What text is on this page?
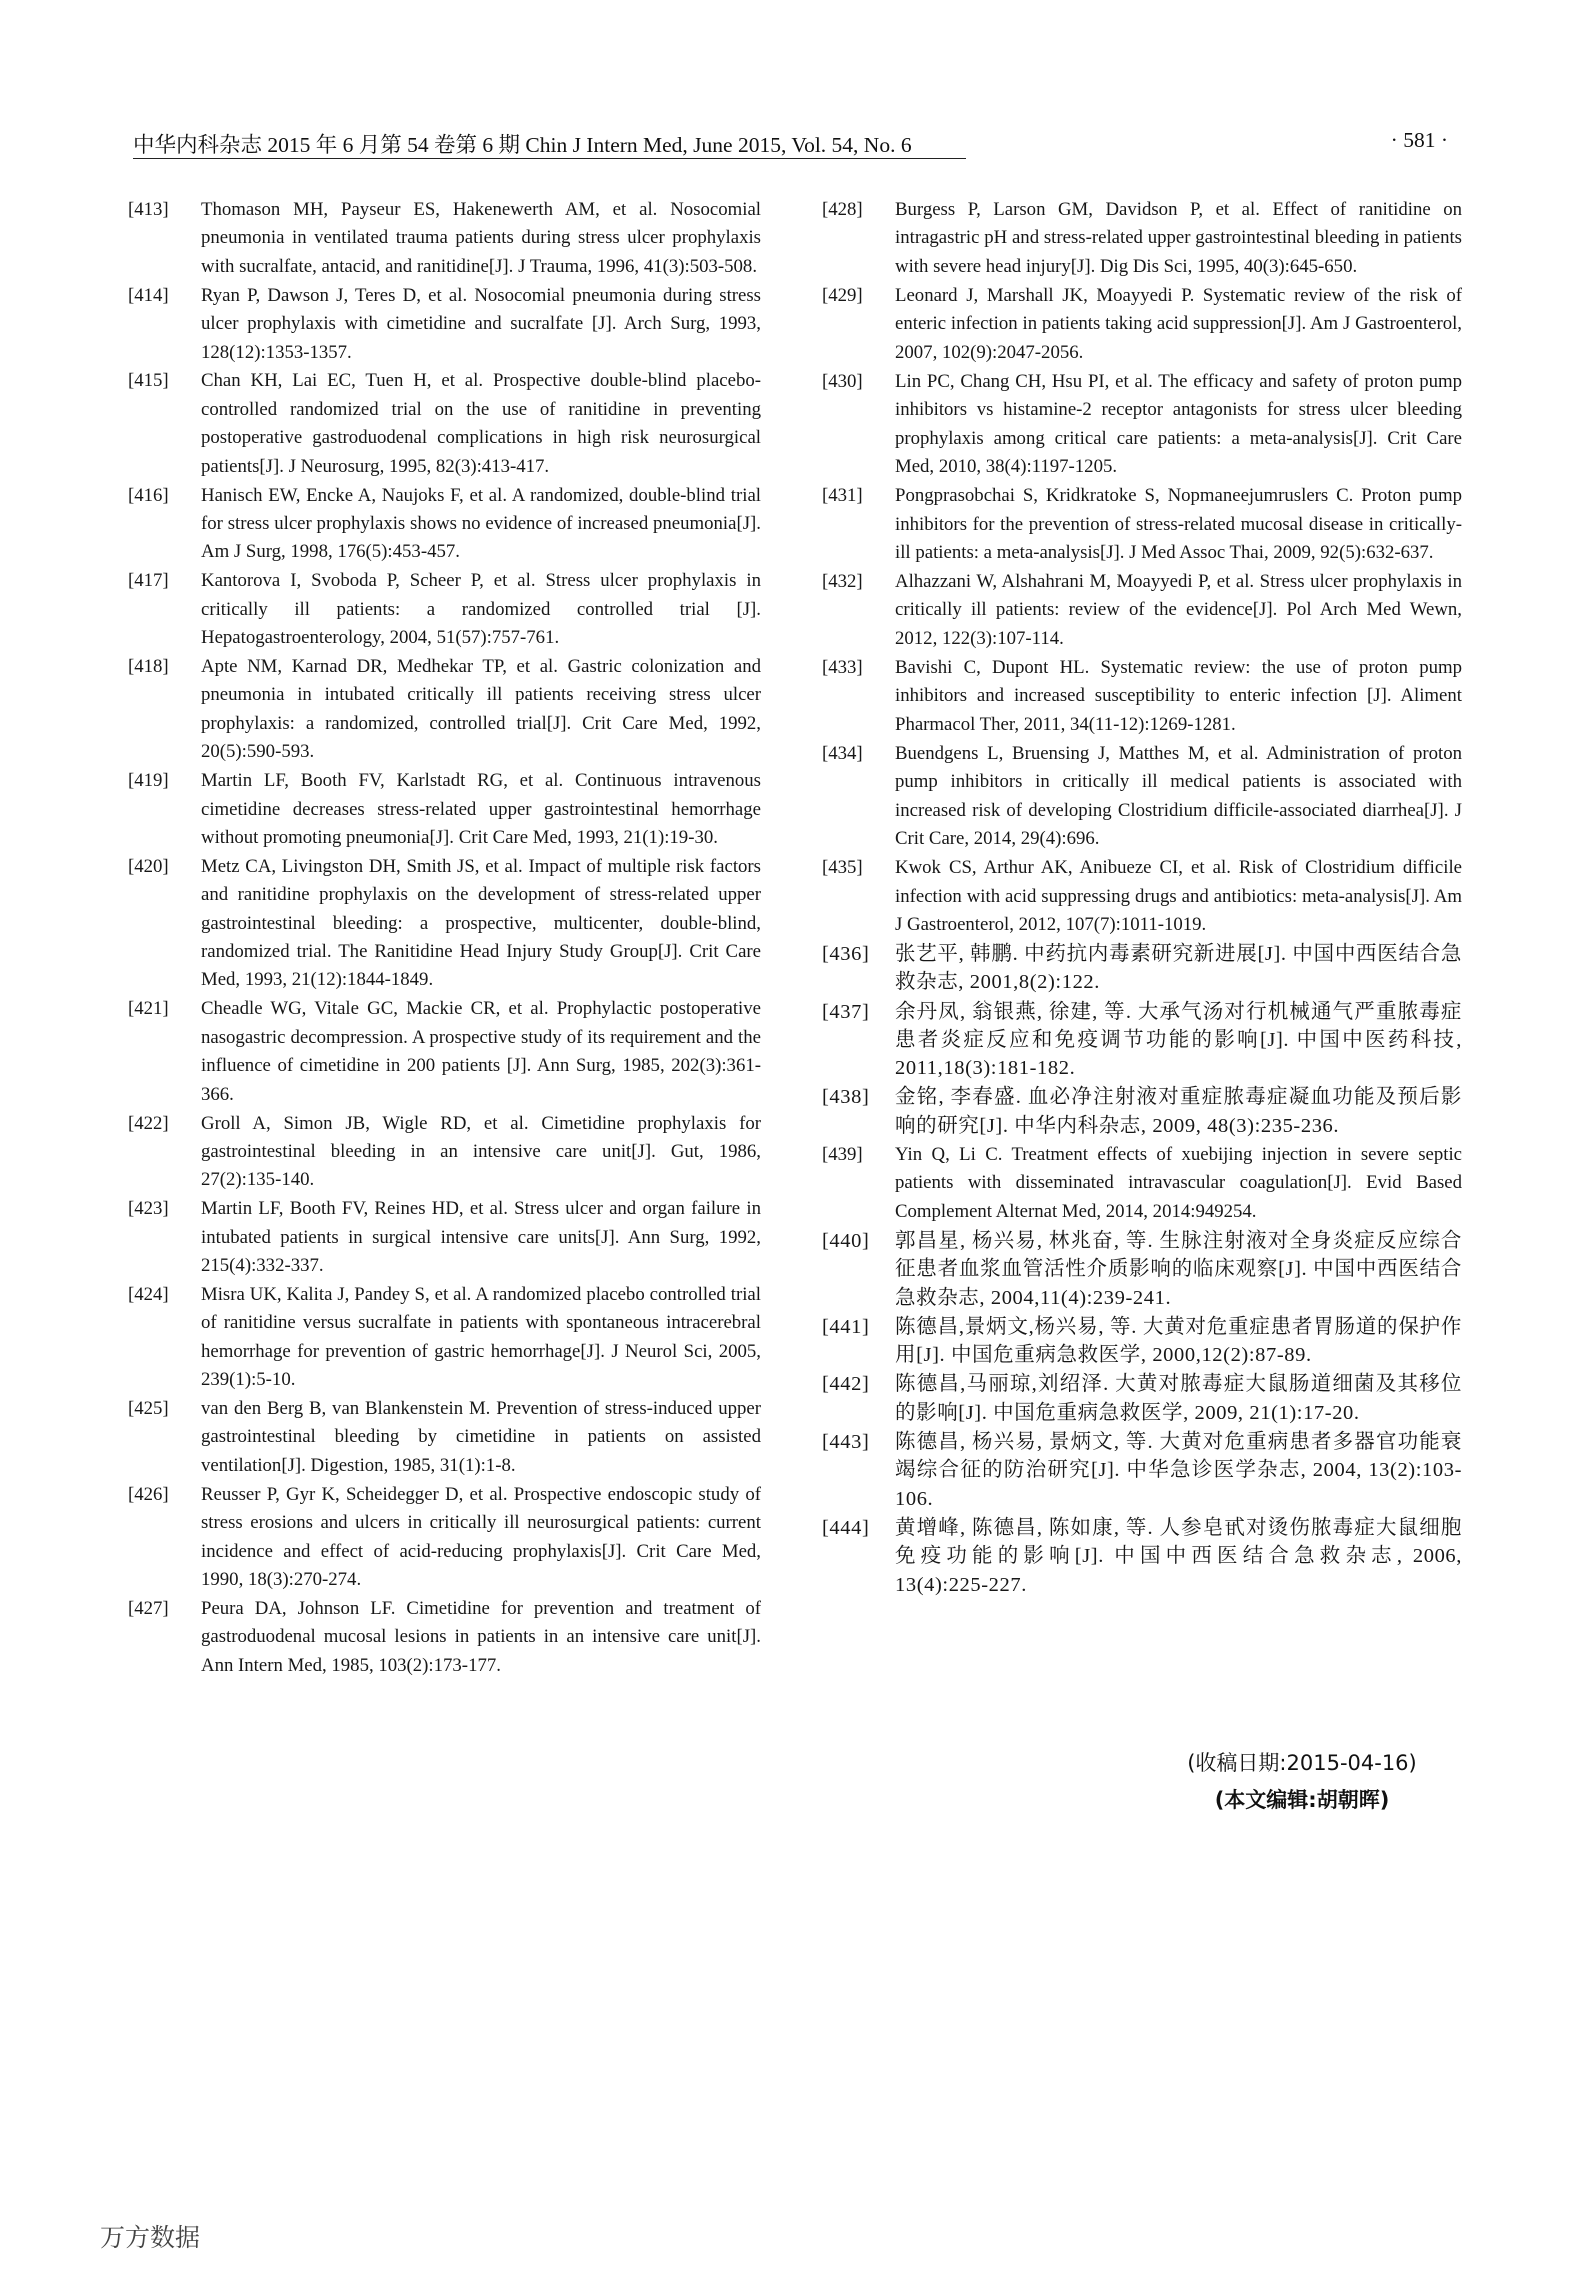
中华内科杂志 2015 年 6 月第 54 卷第 6 期 Chin J Intern Med, June 2015, Vol. 54, No. 6	· 581 ·
[413] Thomason MH, Payseur ES, Hakenewerth AM, et al. Nosocomial pneumonia in ventilated trauma patients during stress ulcer prophylaxis with sucralfate, antacid, and ranitidine[J]. J Trauma, 1996, 41(3):503-508.
[414] Ryan P, Dawson J, Teres D, et al. Nosocomial pneumonia during stress ulcer prophylaxis with cimetidine and sucralfate [J]. Arch Surg, 1993, 128(12):1353-1357.
[415] Chan KH, Lai EC, Tuen H, et al. Prospective double-blind placebo-controlled randomized trial on the use of ranitidine in preventing postoperative gastroduodenal complications in high risk neurosurgical patients[J]. J Neurosurg, 1995, 82(3):413-417.
[416] Hanisch EW, Encke A, Naujoks F, et al. A randomized, double-blind trial for stress ulcer prophylaxis shows no evidence of increased pneumonia[J]. Am J Surg, 1998, 176(5):453-457.
[417] Kantorova I, Svoboda P, Scheer P, et al. Stress ulcer prophylaxis in critically ill patients: a randomized controlled trial [J]. Hepatogastroenterology, 2004, 51(57):757-761.
[418] Apte NM, Karnad DR, Medhekar TP, et al. Gastric colonization and pneumonia in intubated critically ill patients receiving stress ulcer prophylaxis: a randomized, controlled trial[J]. Crit Care Med, 1992, 20(5):590-593.
[419] Martin LF, Booth FV, Karlstadt RG, et al. Continuous intravenous cimetidine decreases stress-related upper gastrointestinal hemorrhage without promoting pneumonia[J]. Crit Care Med, 1993, 21(1):19-30.
[420] Metz CA, Livingston DH, Smith JS, et al. Impact of multiple risk factors and ranitidine prophylaxis on the development of stress-related upper gastrointestinal bleeding: a prospective, multicenter, double-blind, randomized trial. The Ranitidine Head Injury Study Group[J]. Crit Care Med, 1993, 21(12):1844-1849.
[421] Cheadle WG, Vitale GC, Mackie CR, et al. Prophylactic postoperative nasogastric decompression. A prospective study of its requirement and the influence of cimetidine in 200 patients [J]. Ann Surg, 1985, 202(3):361-366.
[422] Groll A, Simon JB, Wigle RD, et al. Cimetidine prophylaxis for gastrointestinal bleeding in an intensive care unit[J]. Gut, 1986, 27(2):135-140.
[423] Martin LF, Booth FV, Reines HD, et al. Stress ulcer and organ failure in intubated patients in surgical intensive care units[J]. Ann Surg, 1992, 215(4):332-337.
[424] Misra UK, Kalita J, Pandey S, et al. A randomized placebo controlled trial of ranitidine versus sucralfate in patients with spontaneous intracerebral hemorrhage for prevention of gastric hemorrhage[J]. J Neurol Sci, 2005, 239(1):5-10.
[425] van den Berg B, van Blankenstein M. Prevention of stress-induced upper gastrointestinal bleeding by cimetidine in patients on assisted ventilation[J]. Digestion, 1985, 31(1):1-8.
[426] Reusser P, Gyr K, Scheidegger D, et al. Prospective endoscopic study of stress erosions and ulcers in critically ill neurosurgical patients: current incidence and effect of acid-reducing prophylaxis[J]. Crit Care Med, 1990, 18(3):270-274.
[427] Peura DA, Johnson LF. Cimetidine for prevention and treatment of gastroduodenal mucosal lesions in patients in an intensive care unit[J]. Ann Intern Med, 1985, 103(2):173-177.
[428] Burgess P, Larson GM, Davidson P, et al. Effect of ranitidine on intragastric pH and stress-related upper gastrointestinal bleeding in patients with severe head injury[J]. Dig Dis Sci, 1995, 40(3):645-650.
[429] Leonard J, Marshall JK, Moayyedi P. Systematic review of the risk of enteric infection in patients taking acid suppression[J]. Am J Gastroenterol, 2007, 102(9):2047-2056.
[430] Lin PC, Chang CH, Hsu PI, et al. The efficacy and safety of proton pump inhibitors vs histamine-2 receptor antagonists for stress ulcer bleeding prophylaxis among critical care patients: a meta-analysis[J]. Crit Care Med, 2010, 38(4):1197-1205.
[431] Pongprasobchai S, Kridkratoke S, Nopmaneejumruslers C. Proton pump inhibitors for the prevention of stress-related mucosal disease in critically-ill patients: a meta-analysis[J]. J Med Assoc Thai, 2009, 92(5):632-637.
[432] Alhazzani W, Alshahrani M, Moayyedi P, et al. Stress ulcer prophylaxis in critically ill patients: review of the evidence[J]. Pol Arch Med Wewn, 2012, 122(3):107-114.
[433] Bavishi C, Dupont HL. Systematic review: the use of proton pump inhibitors and increased susceptibility to enteric infection [J]. Aliment Pharmacol Ther, 2011, 34(11-12):1269-1281.
[434] Buendgens L, Bruensing J, Matthes M, et al. Administration of proton pump inhibitors in critically ill medical patients is associated with increased risk of developing Clostridium difficile-associated diarrhea[J]. J Crit Care, 2014, 29(4):696.
[435] Kwok CS, Arthur AK, Anibueze CI, et al. Risk of Clostridium difficile infection with acid suppressing drugs and antibiotics: meta-analysis[J]. Am J Gastroenterol, 2012, 107(7):1011-1019.
[436] 张艺平, 韩鹏. 中药抗内毒素研究新进展[J]. 中国中西医结合急救杂志, 2001,8(2):122.
[437] 余丹凤, 翁银燕, 徐建, 等. 大承气汤对行机械通气严重脓毒症患者炎症反应和免疫调节功能的影响[J]. 中国中医药科技, 2011,18(3):181-182.
[438] 金铭, 李春盛. 血必净注射液对重症脓毒症凝血功能及预后影响的研究[J]. 中华内科杂志, 2009, 48(3):235-236.
[439] Yin Q, Li C. Treatment effects of xuebijing injection in severe septic patients with disseminated intravascular coagulation[J]. Evid Based Complement Alternat Med, 2014, 2014:949254.
[440] 郭昌星, 杨兴易, 林兆奋, 等. 生脉注射液对全身炎症反应综合征患者血浆血管活性介质影响的临床观察[J]. 中国中西医结合急救杂志, 2004,11(4):239-241.
[441] 陈德昌,景炳文,杨兴易, 等. 大黄对危重症患者胃肠道的保护作用[J]. 中国危重病急救医学, 2000,12(2):87-89.
[442] 陈德昌,马丽琼,刘绍泽. 大黄对脓毒症大鼠肠道细菌及其移位的影响[J]. 中国危重病急救医学, 2009, 21(1):17-20.
[443] 陈德昌, 杨兴易, 景炳文, 等. 大黄对危重病患者多器官功能衰竭综合征的防治研究[J]. 中华急诊医学杂志, 2004, 13(2):103-106.
[444] 黄增峰, 陈德昌, 陈如康, 等. 人参皂甙对烫伤脓毒症大鼠细胞免疫功能的影响[J]. 中国中西医结合急救杂志, 2006, 13(4):225-227.
(收稿日期:2015-04-16)
(本文编辑:胡朝晖)
万方数据
